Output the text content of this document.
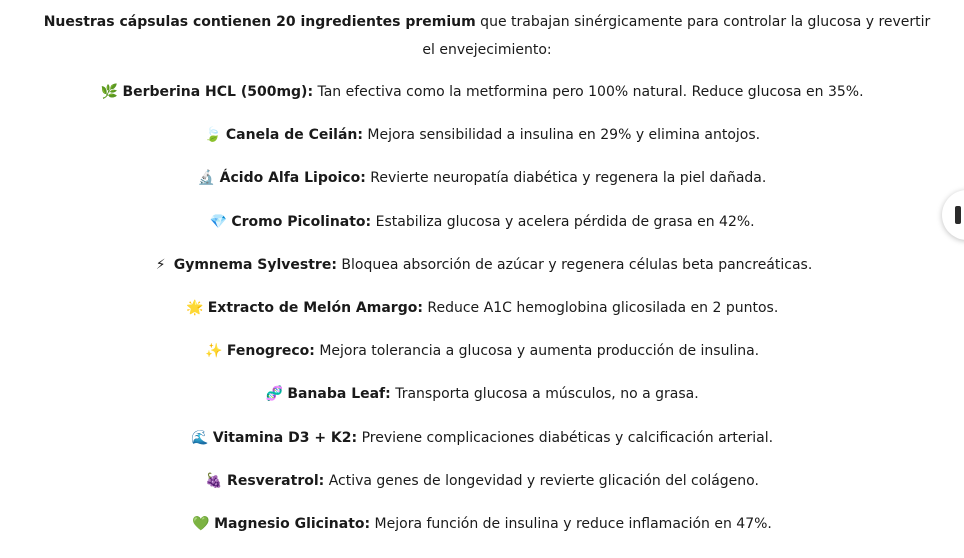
Nuestras cápsulas contienen 20 ingredientes premium que trabajan sinérgicamente para controlar la glucosa y revertir el envejecimiento:

🌿 Berberina HCL (500mg): Tan efectiva como la metformina pero 100% natural. Reduce glucosa en 35%.
🍃 Canela de Ceilán: Mejora sensibilidad a insulina en 29% y elimina antojos.
🔬 Ácido Alfa Lipoico: Revierte neuropatía diabética y regenera la piel dañada.
💎 Cromo Picolinato: Estabiliza glucosa y acelera pérdida de grasa en 42%.
⚡ Gymnema Sylvestre: Bloquea absorción de azúcar y regenera células beta pancreáticas.
🌟 Extracto de Melón Amargo: Reduce A1C hemoglobina glicosilada en 2 puntos.
✨ Fenogreco: Mejora tolerancia a glucosa y aumenta producción de insulina.
🧬 Banaba Leaf: Transporta glucosa a músculos, no a grasa.
🌊 Vitamina D3 + K2: Previene complicaciones diabéticas y calcificación arterial.
🍇 Resveratrol: Activa genes de longevidad y revierte glicación del colágeno.
💚 Magnesio Glicinato: Mejora función de insulina y reduce inflamación en 47%.
